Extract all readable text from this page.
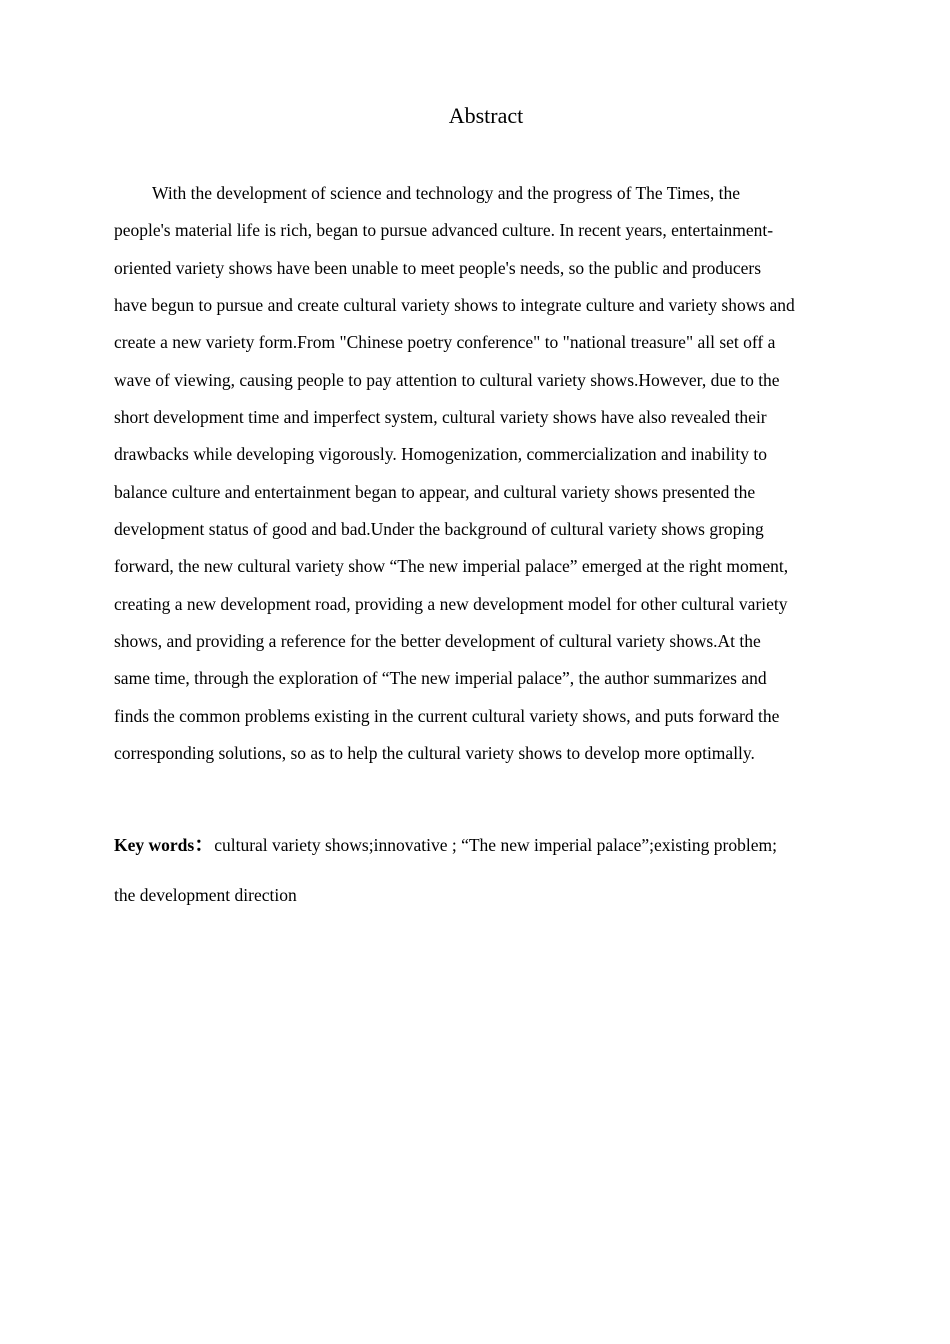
Abstract
With the development of science and technology and the progress of The Times, the
people's material life is rich, began to pursue advanced culture. In recent years, entertainment-
oriented variety shows have been unable to meet people's needs, so the public and producers
have begun to pursue and create cultural variety shows to integrate culture and variety shows and
create a new variety form.From "Chinese poetry conference" to "national treasure" all set off a
wave of viewing, causing people to pay attention to cultural variety shows.However, due to the
short development time and imperfect system, cultural variety shows have also revealed their
drawbacks while developing vigorously. Homogenization, commercialization and inability to
balance culture and entertainment began to appear, and cultural variety shows presented the
development status of good and bad.Under the background of cultural variety shows groping
forward, the new cultural variety show “The new imperial palace” emerged at the right moment,
creating a new development road, providing a new development model for other cultural variety
shows, and providing a reference for the better development of cultural variety shows.At the
same time, through the exploration of “The new imperial palace”, the author summarizes and
finds the common problems existing in the current cultural variety shows, and puts forward the
corresponding solutions, so as to help the cultural variety shows to develop more optimally.
Key words：cultural variety shows;innovative ; “The new imperial palace”;existing problem;
the development direction
